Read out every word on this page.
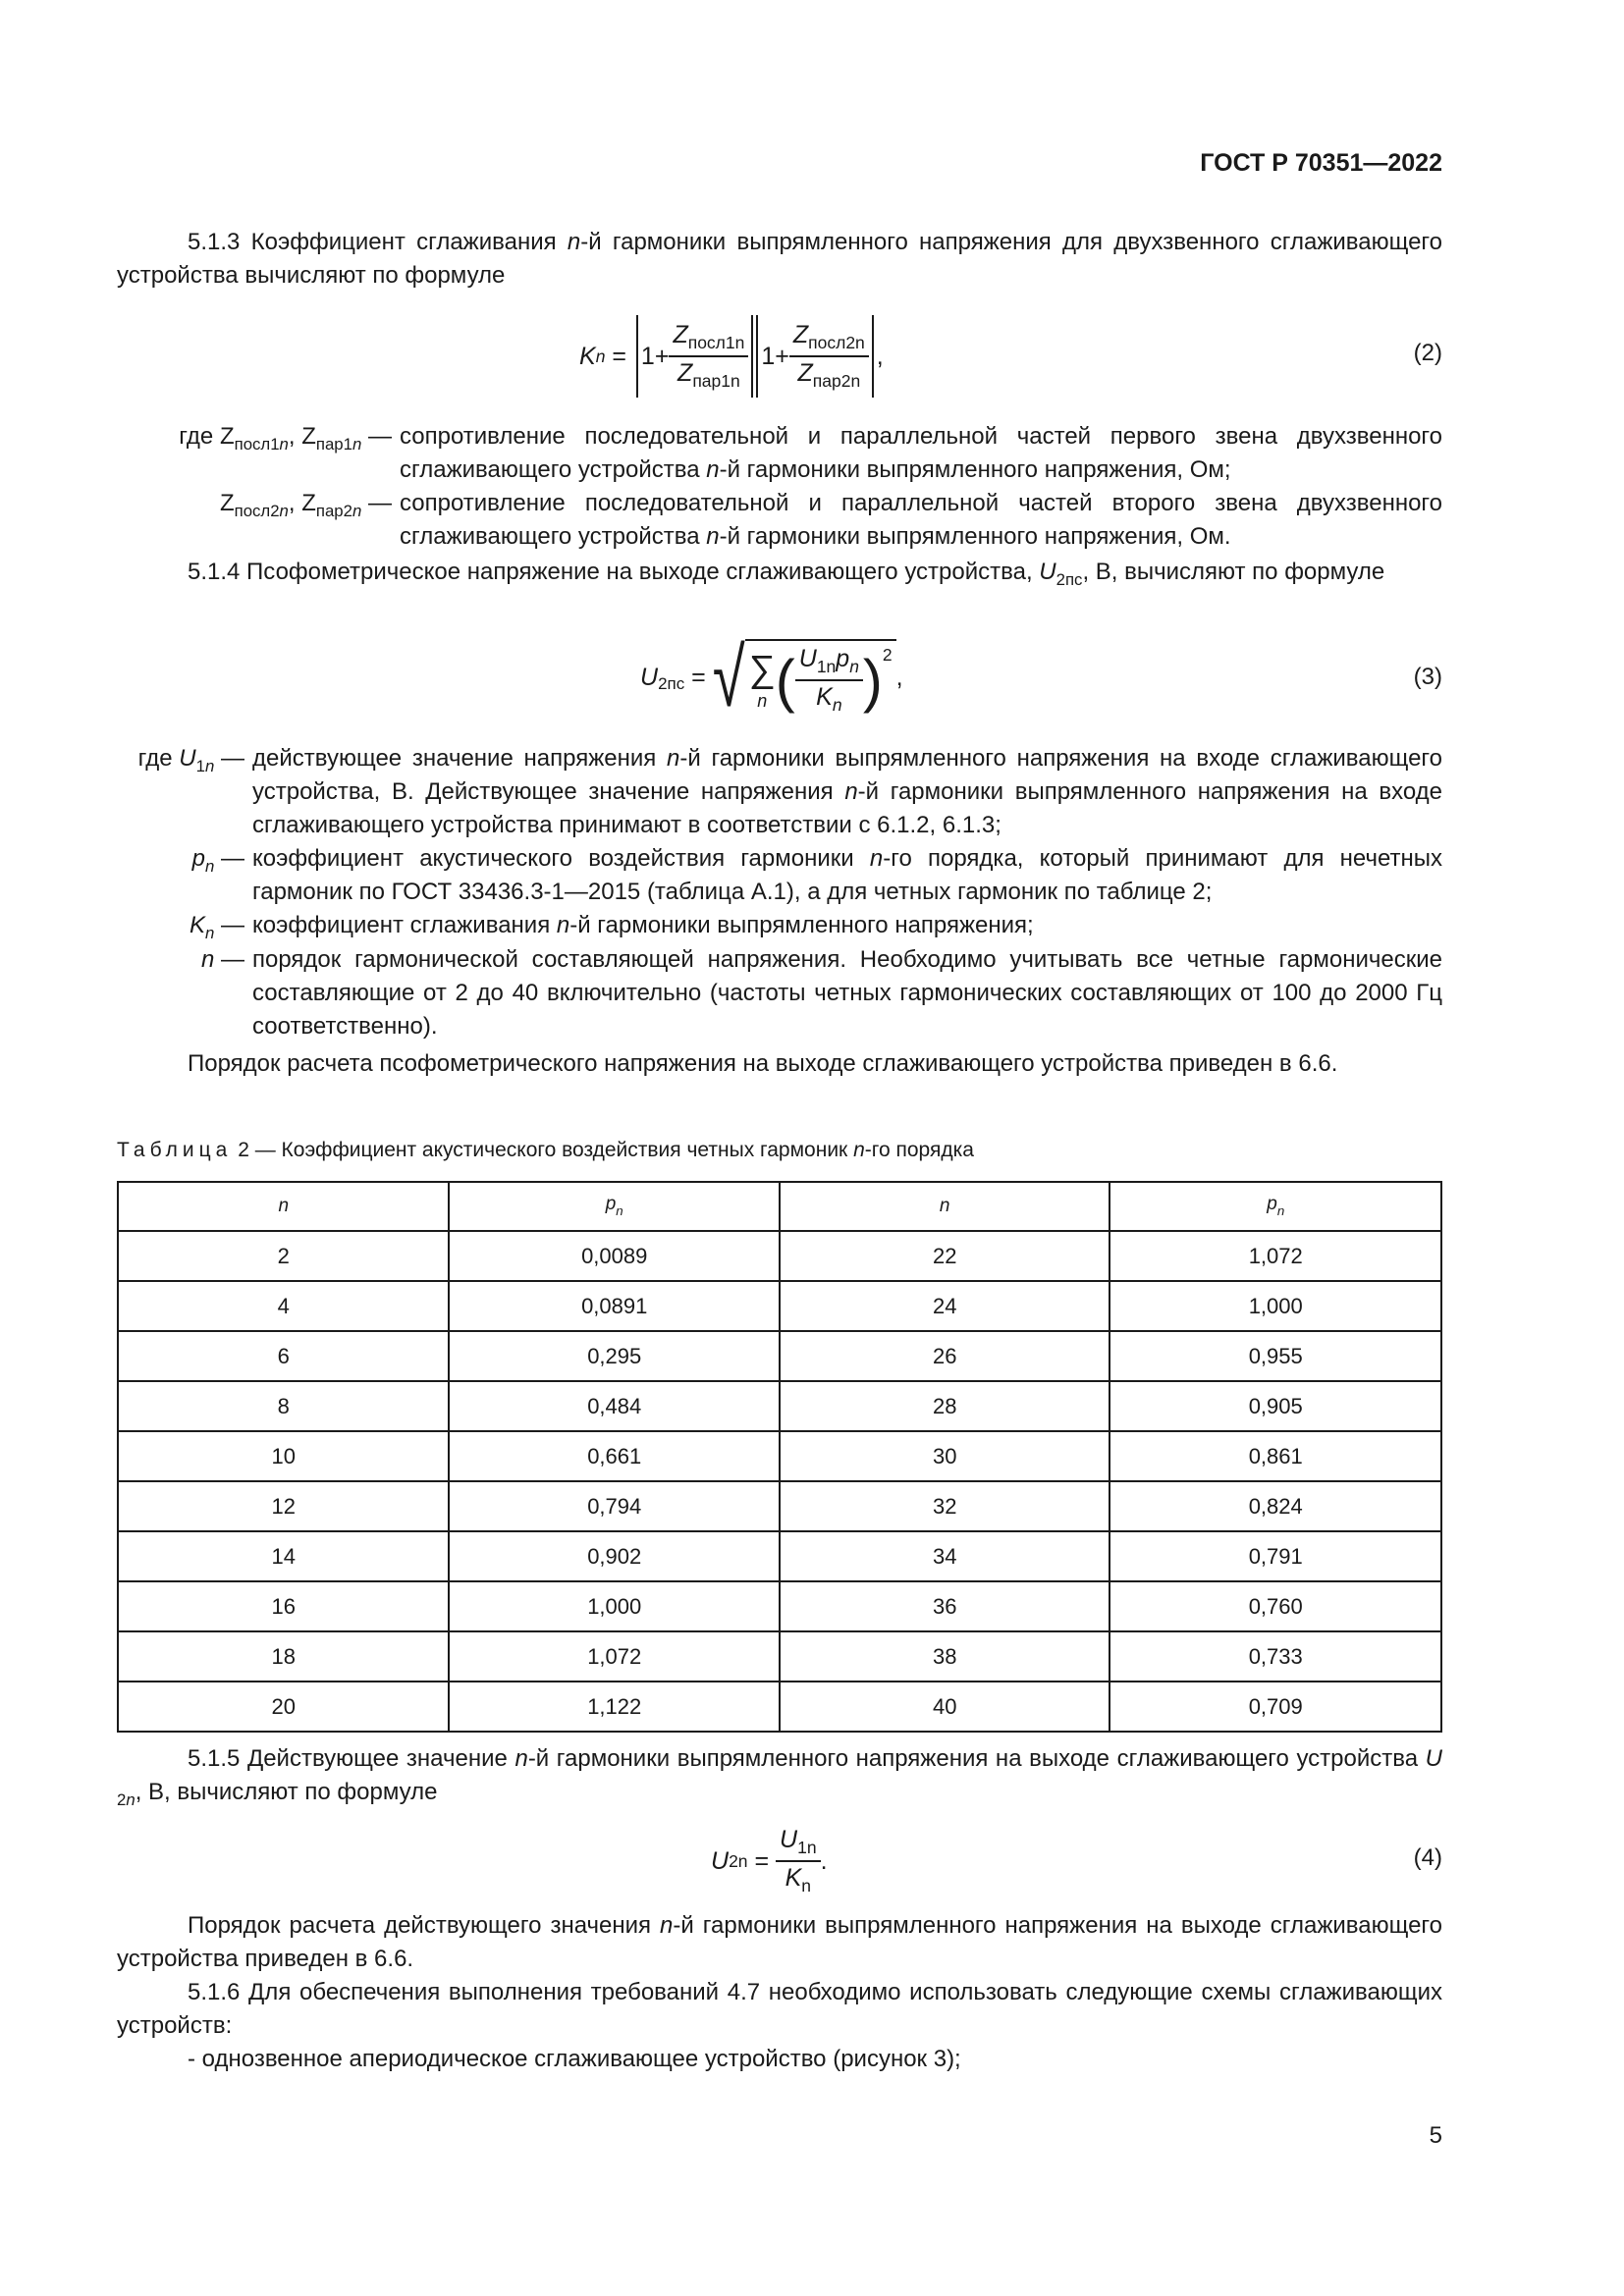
ГОСТ Р 70351—2022
5.1.3 Коэффициент сглаживания n-й гармоники выпрямленного напряжения для двухзвенного сглаживающего устройства вычисляют по формуле
K $n = 1+ \frac{Z_{посл1n}}{Z_{пар1n}} 1+ \frac{Z_{посл2n}}{Z_{пар2n}}$ ,	(2)
где $Z_{посл1n}$, $Z_{пар1n}$ — сопротивление последовательной и параллельной частей первого звена двухзвенного сглаживающего устройства n-й гармоники выпрямленного напряжения, Ом;
$Z_{посл2n}$, $Z_{пар2n}$ — сопротивление последовательной и параллельной частей второго звена двухзвенного сглаживающего устройства n-й гармоники выпрямленного напряжения, Ом.
5.1.4 Псофометрическое напряжение на выходе сглаживающего устройства, $U_{2пс}$, В, вычисляют по формуле
U 2пс = √ ∑
n ( $\frac{U_{1n}p_n}{K_n} )^2$
,	(3)
где $U_{1n}$ — действующее значение напряжения n-й гармоники выпрямленного напряжения на входе сглаживающего устройства, В. Действующее значение напряжения n-й гармоники выпрямленного напряжения на входе сглаживающего устройства принимают в соответствии с 6.1.2, 6.1.3;
$p_n$ — коэффициент акустического воздействия гармоники n-го порядка, который принимают для нечетных гармоник по ГОСТ 33436.3-1—2015 (таблица А.1), а для четных гармоник по таблице 2;
$K_n$ — коэффициент сглаживания n-й гармоники выпрямленного напряжения;
n — порядок гармонической составляющей напряжения. Необходимо учитывать все четные гармонические составляющие от 2 до 40 включительно (частоты четных гармонических составляющих от 100 до 2000 Гц соответственно).
Порядок расчета псофометрического напряжения на выходе сглаживающего устройства приведен в 6.6.
Таблица 2 — Коэффициент акустического воздействия четных гармоник n-го порядка
n	$p_n$	n	$p_n$
2	0,0089	22	1,072
4	0,0891	24	1,000
6	0,295	26	0,955
8	0,484	28	0,905
10	0,661	30	0,861
12	0,794	32	0,824
14	0,902	34	0,791
16	1,000	36	0,760
18	1,072	38	0,733
20	1,122	40	0,709
5.1.5 Действующее значение n-й гармоники выпрямленного напряжения на выходе сглаживающего устройства $U_{2n}$, В, вычисляют по формуле
U $2n = \frac{U_{1n}}{K_n}$ .	(4)
Порядок расчета действующего значения n-й гармоники выпрямленного напряжения на выходе сглаживающего устройства приведен в 6.6.
5.1.6 Для обеспечения выполнения требований 4.7 необходимо использовать следующие схемы сглаживающих устройств:
- однозвенное апериодическое сглаживающее устройство (рисунок 3);
5
